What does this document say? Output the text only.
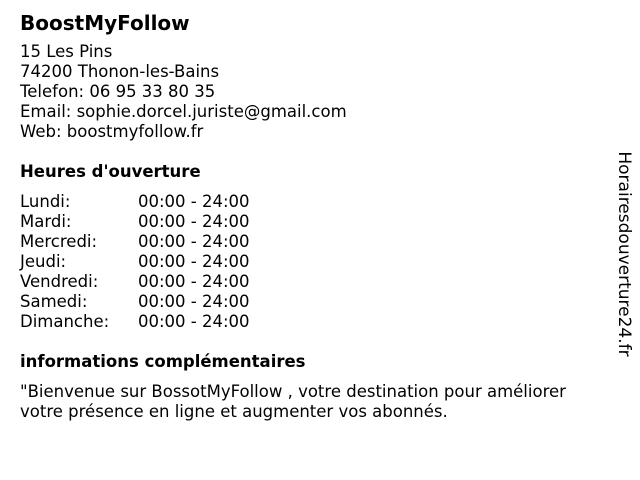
BoostMyFollow
15 Les Pins
74200 Thonon-les-Bains
Telefon: 06 95 33 80 35
Email: sophie.dorcel.juriste@gmail.com
Web: boostmyfollow.fr
Heures d'ouverture
Lundi:	00:00 - 24:00
Mardi:	00:00 - 24:00
Mercredi:	00:00 - 24:00
Jeudi:	00:00 - 24:00
Vendredi:	00:00 - 24:00
Samedi:	00:00 - 24:00
Dimanche:	00:00 - 24:00
informations complémentaires
"Bienvenue sur BossotMyFollow , votre destination pour améliorer votre présence en ligne et augmenter vos abonnés.
Horairesdouverture24.fr
